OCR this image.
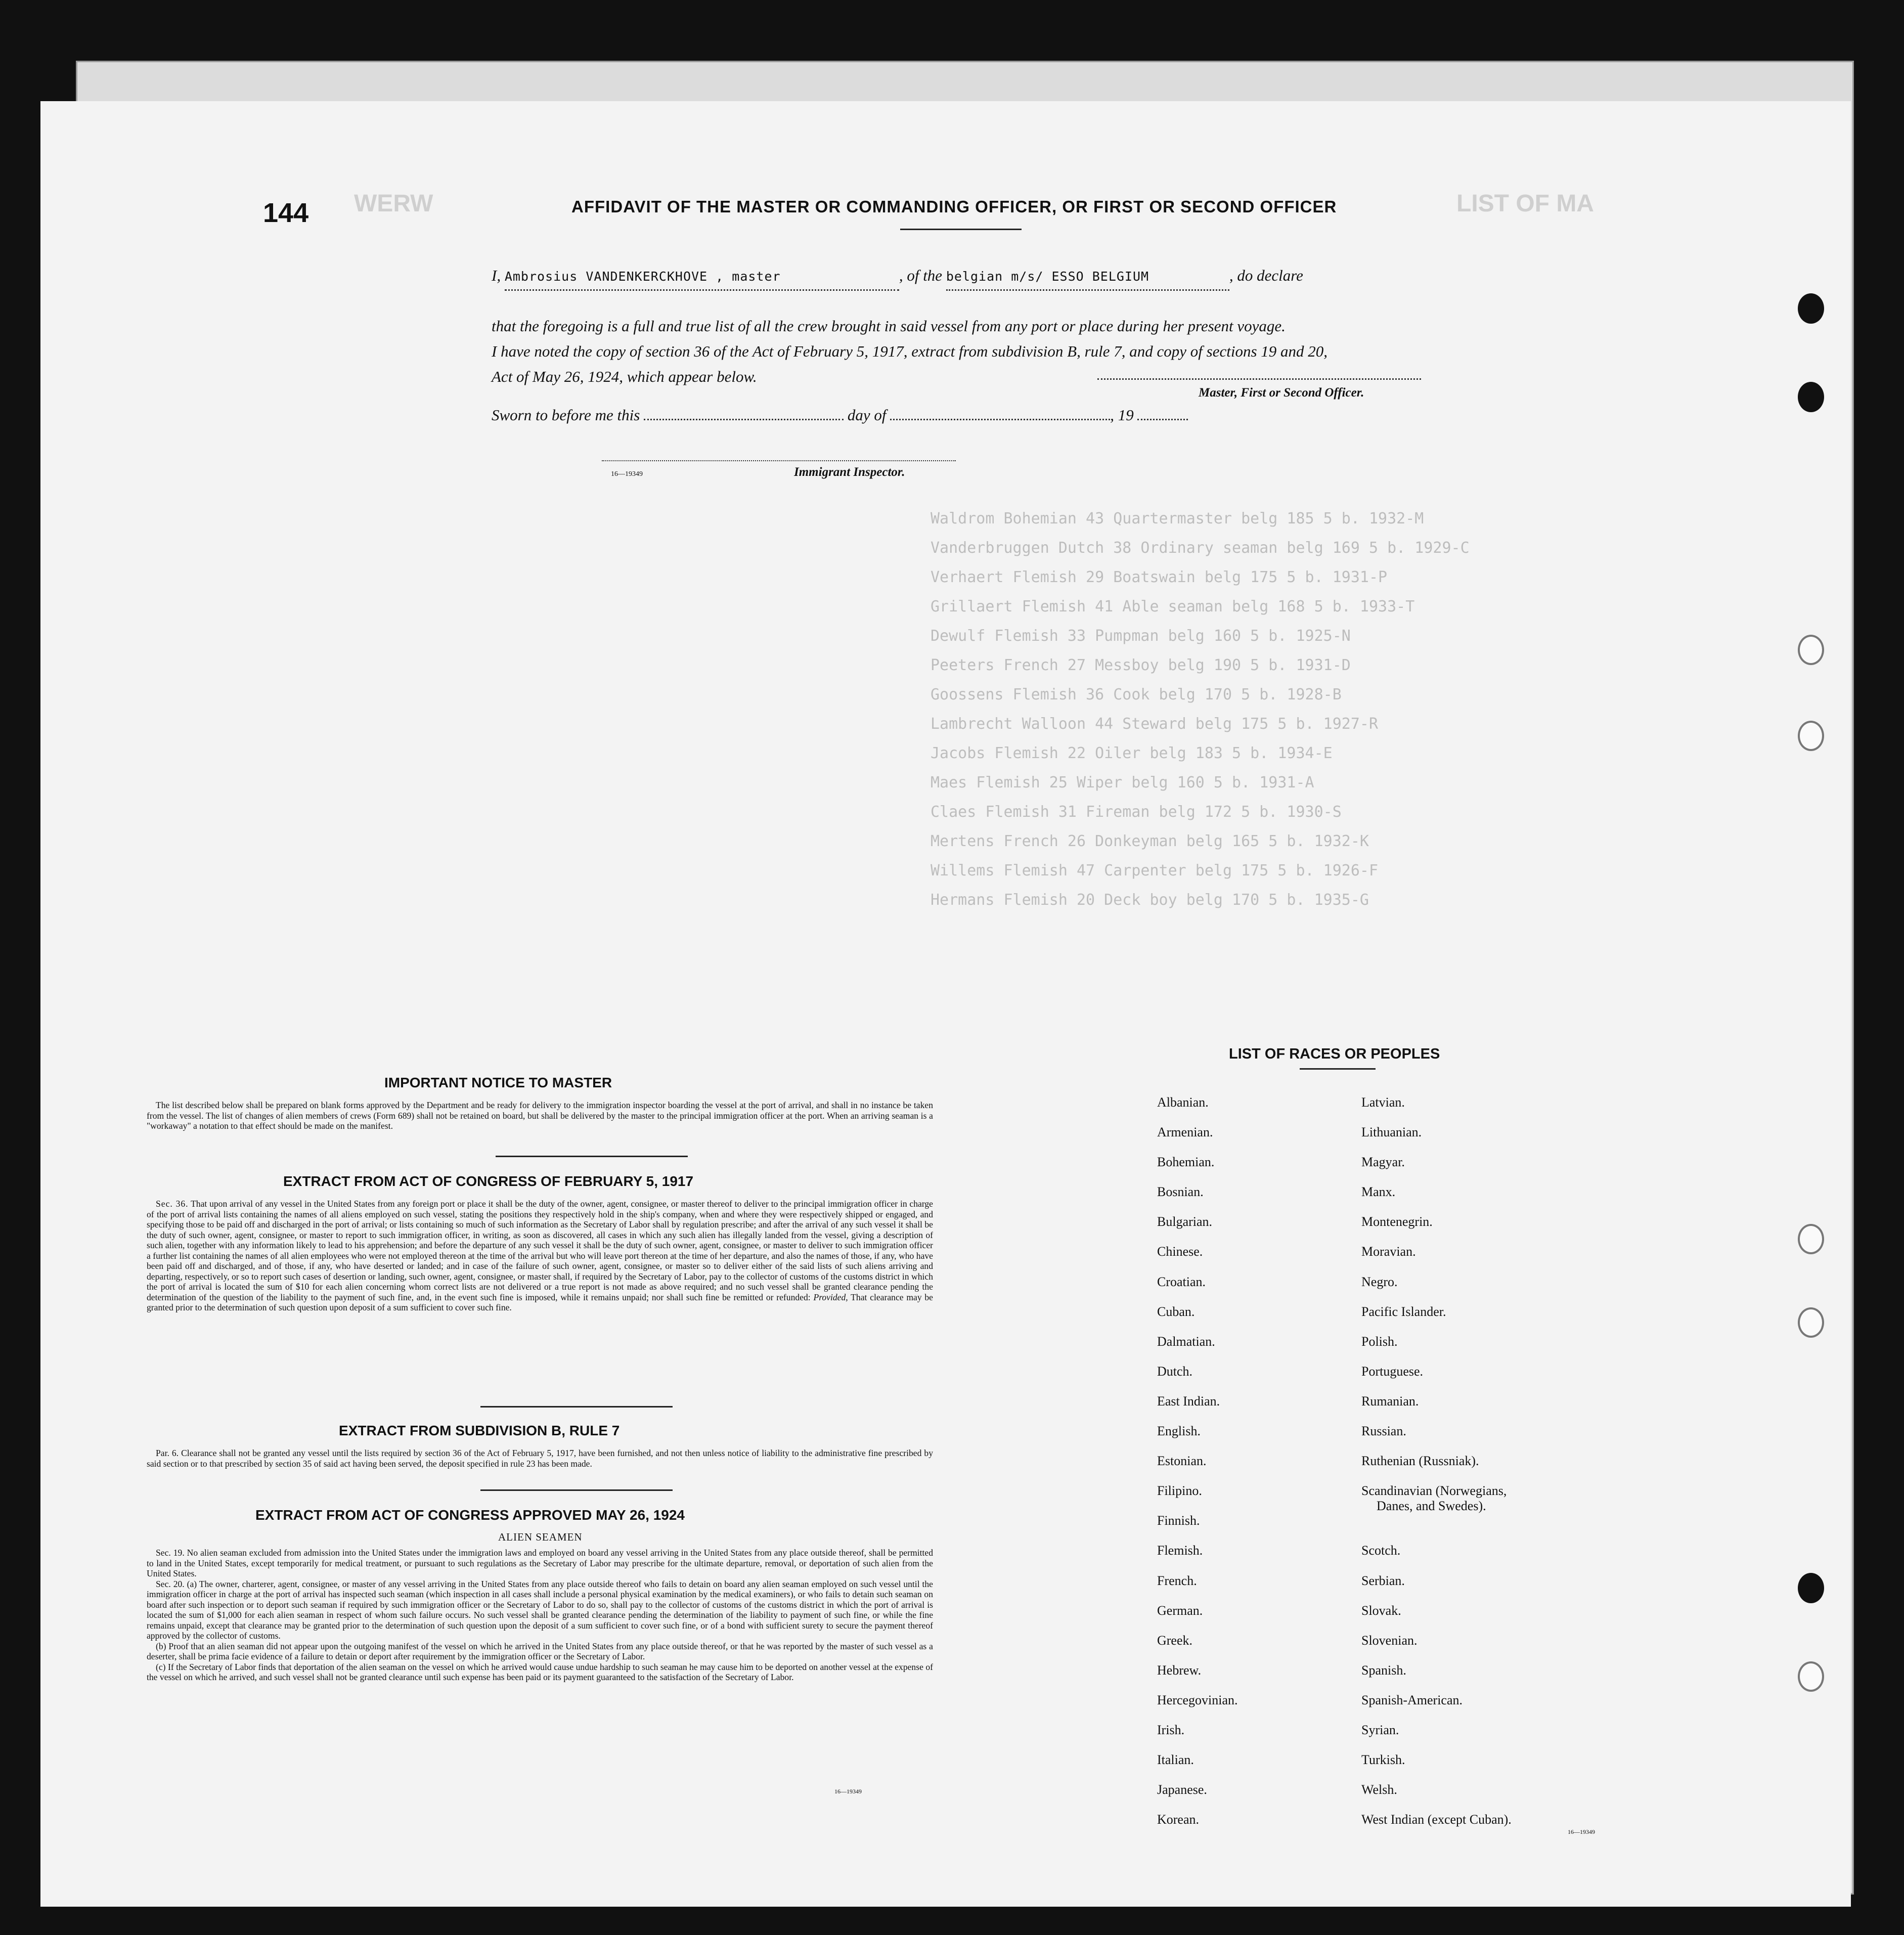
LIST OF MA
WERW
Waldrom Bohemian 43 Quartermaster belg 185 5 b. 1932-M
Vanderbruggen Dutch 38 Ordinary seaman belg 169 5 b. 1929-C
Verhaert Flemish 29 Boatswain belg 175 5 b. 1931-P
Grillaert Flemish 41 Able seaman belg 168 5 b. 1933-T
Dewulf Flemish 33 Pumpman belg 160 5 b. 1925-N
Peeters French 27 Messboy belg 190 5 b. 1931-D
Goossens Flemish 36 Cook belg 170 5 b. 1928-B
Lambrecht Walloon 44 Steward belg 175 5 b. 1927-R
Jacobs Flemish 22 Oiler belg 183 5 b. 1934-E
Maes Flemish 25 Wiper belg 160 5 b. 1931-A
Claes Flemish 31 Fireman belg 172 5 b. 1930-S
Mertens French 26 Donkeyman belg 165 5 b. 1932-K
Willems Flemish 47 Carpenter belg 175 5 b. 1926-F
Hermans Flemish 20 Deck boy belg 170 5 b. 1935-G
144	AFFIDAVIT OF THE MASTER OR COMMANDING OFFICER, OR FIRST OR SECOND OFFICER
I, Ambrosius VANDENKERCKHOVE , master	, of the belgian m/s/ ESSO BELGIUM	, do declare
that the foregoing is a full and true list of all the crew brought in said vessel from any port or place during her present voyage.
I have noted the copy of section 36 of the Act of February 5, 1917, extract from subdivision B, rule 7, and copy of sections 19 and 20,
Act of May 26, 1924, which appear below.
Master, First or Second Officer.
Sworn to before me this	day of	, 19
16—19349	Immigrant Inspector.
IMPORTANT NOTICE TO MASTER
The list described below shall be prepared on blank forms approved by the Department and be ready for delivery to the immigration inspector boarding the vessel at the port of arrival, and shall in no instance be taken from the vessel. The list of changes of alien members of crews (Form 689) shall not be retained on board, but shall be delivered by the master to the principal immigration officer at the port. When an arriving seaman is a "workaway" a notation to that effect should be made on the manifest.
EXTRACT FROM ACT OF CONGRESS OF FEBRUARY 5, 1917
Sec. 36. That upon arrival of any vessel in the United States from any foreign port or place it shall be the duty of the owner, agent, consignee, or master thereof to deliver to the principal immigration officer in charge of the port of arrival lists containing the names of all aliens employed on such vessel, stating the positions they respectively hold in the ship's company, when and where they were respectively shipped or engaged, and specifying those to be paid off and discharged in the port of arrival; or lists containing so much of such information as the Secretary of Labor shall by regulation prescribe; and after the arrival of any such vessel it shall be the duty of such owner, agent, consignee, or master to report to such immigration officer, in writing, as soon as discovered, all cases in which any such alien has illegally landed from the vessel, giving a description of such alien, together with any information likely to lead to his apprehension; and before the departure of any such vessel it shall be the duty of such owner, agent, consignee, or master to deliver to such immigration officer a further list containing the names of all alien employees who were not employed thereon at the time of the arrival but who will leave port thereon at the time of her departure, and also the names of those, if any, who have been paid off and discharged, and of those, if any, who have deserted or landed; and in case of the failure of such owner, agent, consignee, or master so to deliver either of the said lists of such aliens arriving and departing, respectively, or so to report such cases of desertion or landing, such owner, agent, consignee, or master shall, if required by the Secretary of Labor, pay to the collector of customs of the customs district in which the port of arrival is located the sum of $10 for each alien concerning whom correct lists are not delivered or a true report is not made as above required; and no such vessel shall be granted clearance pending the determination of the question of the liability to the payment of such fine, and, in the event such fine is imposed, while it remains unpaid; nor shall such fine be remitted or refunded: Provided, That clearance may be granted prior to the determination of such question upon deposit of a sum sufficient to cover such fine.
EXTRACT FROM SUBDIVISION B, RULE 7
Par. 6. Clearance shall not be granted any vessel until the lists required by section 36 of the Act of February 5, 1917, have been furnished, and not then unless notice of liability to the administrative fine prescribed by said section or to that prescribed by section 35 of said act having been served, the deposit specified in rule 23 has been made.
EXTRACT FROM ACT OF CONGRESS APPROVED MAY 26, 1924
ALIEN SEAMEN
Sec. 19. No alien seaman excluded from admission into the United States under the immigration laws and employed on board any vessel arriving in the United States from any place outside thereof, shall be permitted to land in the United States, except temporarily for medical treatment, or pursuant to such regulations as the Secretary of Labor may prescribe for the ultimate departure, removal, or deportation of such alien from the United States.
Sec. 20. (a) The owner, charterer, agent, consignee, or master of any vessel arriving in the United States from any place outside thereof who fails to detain on board any alien seaman employed on such vessel until the immigration officer in charge at the port of arrival has inspected such seaman (which inspection in all cases shall include a personal physical examination by the medical examiners), or who fails to detain such seaman on board after such inspection or to deport such seaman if required by such immigration officer or the Secretary of Labor to do so, shall pay to the collector of customs of the customs district in which the port of arrival is located the sum of $1,000 for each alien seaman in respect of whom such failure occurs. No such vessel shall be granted clearance pending the determination of the liability to payment of such fine, or while the fine remains unpaid, except that clearance may be granted prior to the determination of such question upon the deposit of a sum sufficient to cover such fine, or of a bond with sufficient surety to secure the payment thereof approved by the collector of customs.
(b) Proof that an alien seaman did not appear upon the outgoing manifest of the vessel on which he arrived in the United States from any place outside thereof, or that he was reported by the master of such vessel as a deserter, shall be prima facie evidence of a failure to detain or deport after requirement by the immigration officer or the Secretary of Labor.
(c) If the Secretary of Labor finds that deportation of the alien seaman on the vessel on which he arrived would cause undue hardship to such seaman he may cause him to be deported on another vessel at the expense of the vessel on which he arrived, and such vessel shall not be granted clearance until such expense has been paid or its payment guaranteed to the satisfaction of the Secretary of Labor.
16—19349
LIST OF RACES OR PEOPLES
Albanian.
Armenian.
Bohemian.
Bosnian.
Bulgarian.
Chinese.
Croatian.
Cuban.
Dalmatian.
Dutch.
East Indian.
English.
Estonian.
Filipino.
Finnish.
Flemish.
French.
German.
Greek.
Hebrew.
Hercegovinian.
Irish.
Italian.
Japanese.
Korean.
Latvian.
Lithuanian.
Magyar.
Manx.
Montenegrin.
Moravian.
Negro.
Pacific Islander.
Polish.
Portuguese.
Rumanian.
Russian.
Ruthenian (Russniak).
Scandinavian (Norwegians,
Danes, and Swedes).
Scotch.
Serbian.
Slovak.
Slovenian.
Spanish.
Spanish-American.
Syrian.
Turkish.
Welsh.
West Indian (except Cuban).
16—19349
